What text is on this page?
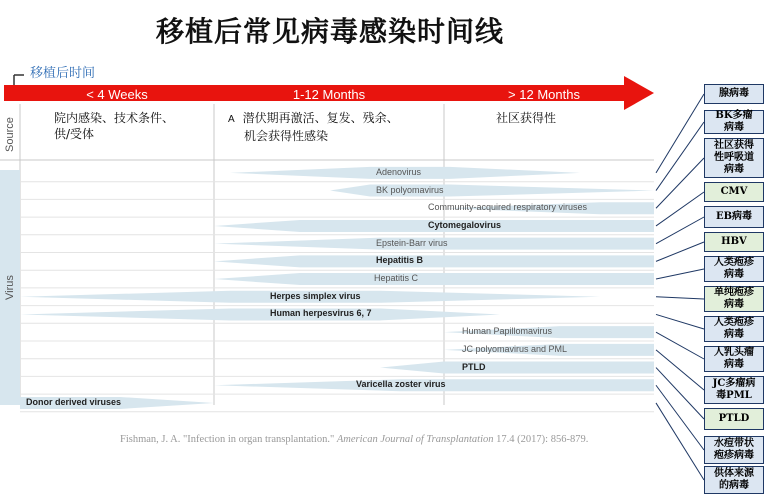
移植后常见病毒感染时间线
移植后时间
< 4 Weeks	1-12 Months	> 12 Months
Source
Virus
院内感染、技术条件、
供/受体
A 潜伏期再激活、复发、残余、
机会获得性感染
社区获得性
Adenovirus
BK polyomavirus
Community-acquired respiratory viruses
Cytomegalovirus
Epstein-Barr virus
Hepatitis B
Hepatitis C
Herpes simplex virus
Human herpesvirus 6, 7
Human Papillomavirus
JC polyomavirus and PML
PTLD
Varicella zoster virus
Donor derived viruses
腺病毒
BK多瘤
病毒
社区获得
性呼吸道
病毒
CMV
EB病毒
HBV
人类疱疹
病毒
单纯疱疹
病毒
人类疱疹
病毒
人乳头瘤
病毒
JC多瘤病
毒PML
PTLD
水痘带状
疱疹病毒
供体来源
的病毒
Fishman, J. A. "Infection in organ transplantation." American Journal of Transplantation 17.4 (2017): 856-879.
